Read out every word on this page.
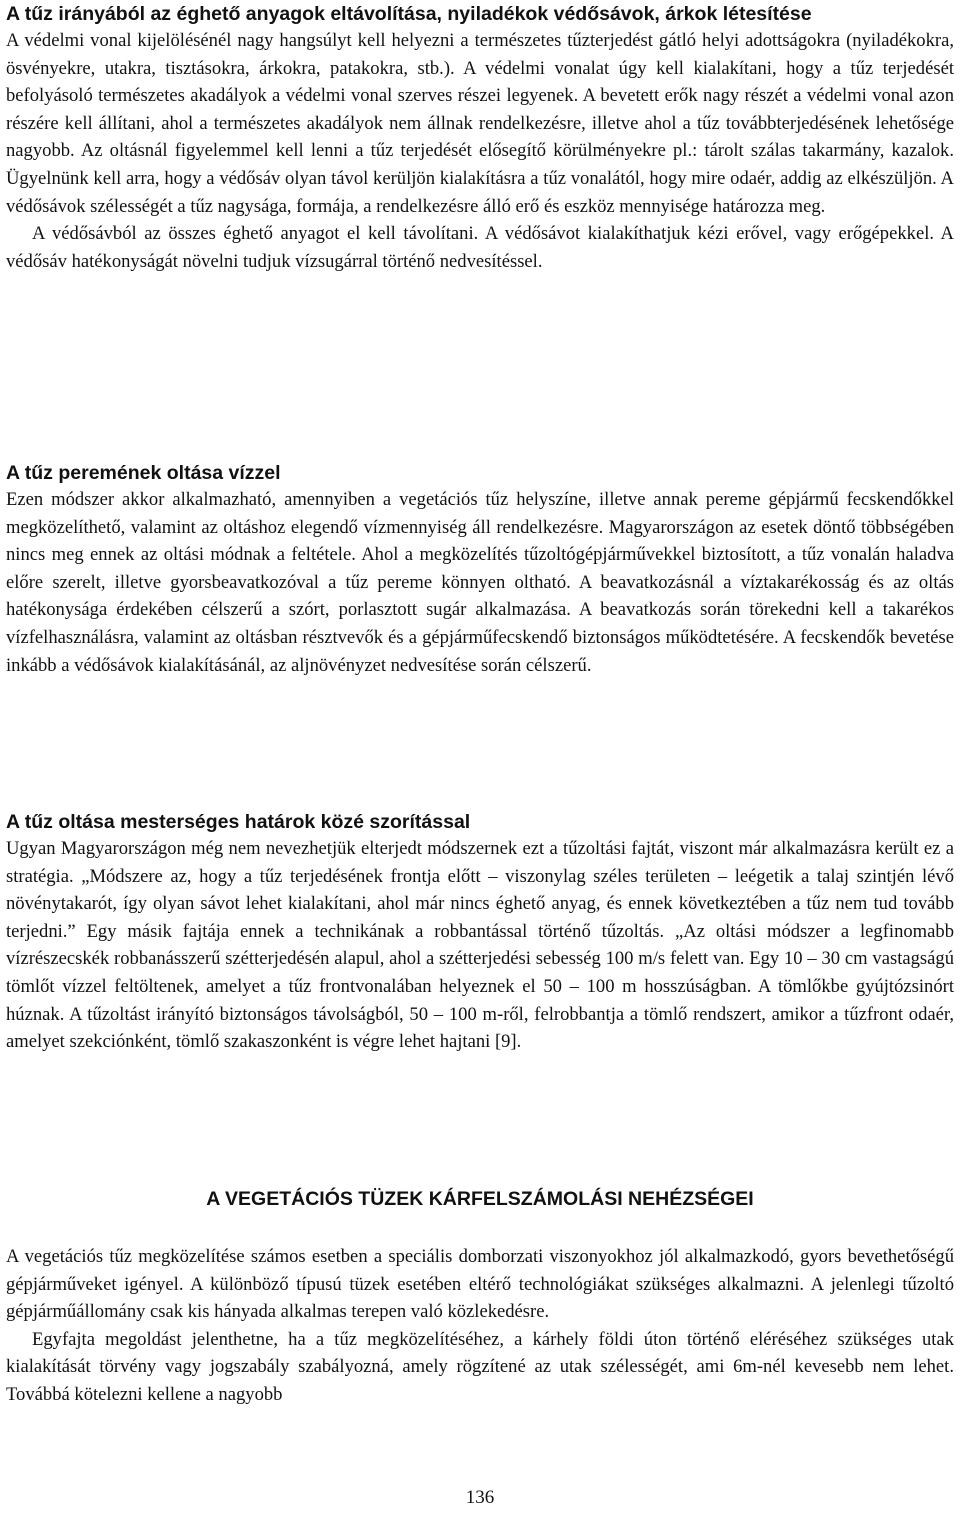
A tűz irányából az éghető anyagok eltávolítása, nyiladékok védősávok, árkok létesítése

A védelmi vonal kijelölésénél nagy hangsúlyt kell helyezni a természetes tűzterjedést gátló helyi adottságokra (nyiladékokra, ösvényekre, utakra, tisztásokra, árkokra, patakokra, stb.). A védelmi vonalat úgy kell kialakítani, hogy a tűz terjedését befolyásoló természetes akadályok a védelmi vonal szerves részei legyenek. A bevetett erők nagy részét a védelmi vonal azon részére kell állítani, ahol a természetes akadályok nem állnak rendelkezésre, illetve ahol a tűz továbbterjedésének lehetősége nagyobb. Az oltásnál figyelemmel kell lenni a tűz terjedését elősegítő körülményekre pl.: tárolt szálas takarmány, kazalok. Ügyelnünk kell arra, hogy a védősáv olyan távol kerüljön kialakításra a tűz vonalától, hogy mire odaér, addig az elkészüljön. A védősávok szélességét a tűz nagysága, formája, a rendelkezésre álló erő és eszköz mennyisége határozza meg.

A védősávból az összes éghető anyagot el kell távolítani. A védősávot kialakíthatjuk kézi erővel, vagy erőgépekkel. A védősáv hatékonyságát növelni tudjuk vízsugárral történő nedvesítéssel.

A tűz peremének oltása vízzel

Ezen módszer akkor alkalmazható, amennyiben a vegetációs tűz helyszíne, illetve annak pereme gépjármű fecskendőkkel megközelíthető, valamint az oltáshoz elegendő vízmennyiség áll rendelkezésre. Magyarországon az esetek döntő többségében nincs meg ennek az oltási módnak a feltétele. Ahol a megközelítés tűzoltógépjárművekkel biztosított, a tűz vonalán haladva előre szerelt, illetve gyorsbeavatkozóval a tűz pereme könnyen oltható. A beavatkozásnál a víztakarékosság és az oltás hatékonysága érdekében célszerű a szórt, porlasztott sugár alkalmazása. A beavatkozás során törekedni kell a takarékos vízfelhasználásra, valamint az oltásban résztvevők és a gépjárműfecskendő biztonságos működtetésére. A fecskendők bevetése inkább a védősávok kialakításánál, az aljnövényzet nedvesítése során célszerű.

A tűz oltása mesterséges határok közé szorítással

Ugyan Magyarországon még nem nevezhetjük elterjedt módszernek ezt a tűzoltási fajtát, viszont már alkalmazásra került ez a stratégia. „Módszere az, hogy a tűz terjedésének frontja előtt – viszonylag széles területen – leégetik a talaj szintjén lévő növénytakarót, így olyan sávot lehet kialakítani, ahol már nincs éghető anyag, és ennek következtében a tűz nem tud tovább terjedni.” Egy másik fajtája ennek a technikának a robbantással történő tűzoltás. „Az oltási módszer a legfinomabb vízrészecskék robbanásszerű szétterjedésén alapul, ahol a szétterjedési sebesség 100 m/s felett van. Egy 10 – 30 cm vastagságú tömlőt vízzel feltöltenek, amelyet a tűz frontvonalában helyeznek el 50 – 100 m hosszúságban. A tömlőkbe gyújtózsinórt húznak. A tűzoltást irányító biztonságos távolságból, 50 – 100 m-ről, felrobbantja a tömlő rendszert, amikor a tűzfront odaér, amelyet szekciónként, tömlő szakaszonként is végre lehet hajtani [9].

A VEGETÁCIÓS TÜZEK KÁRFELSZÁMOLÁSI NEHÉZSÉGEI

A vegetációs tűz megközelítése számos esetben a speciális domborzati viszonyokhoz jól alkalmazkodó, gyors bevethetőségű gépjárműveket igényel. A különböző típusú tüzek esetében eltérő technológiákat szükséges alkalmazni. A jelenlegi tűzoltó gépjárműállomány csak kis hányada alkalmas terepen való közlekedésre.

Egyfajta megoldást jelenthetne, ha a tűz megközelítéséhez, a kárhely földi úton történő eléréséhez szükséges utak kialakítását törvény vagy jogszabály szabályozná, amely rögzítené az utak szélességét, ami 6m-nél kevesebb nem lehet. Továbbá kötelezni kellene a nagyobb

136
